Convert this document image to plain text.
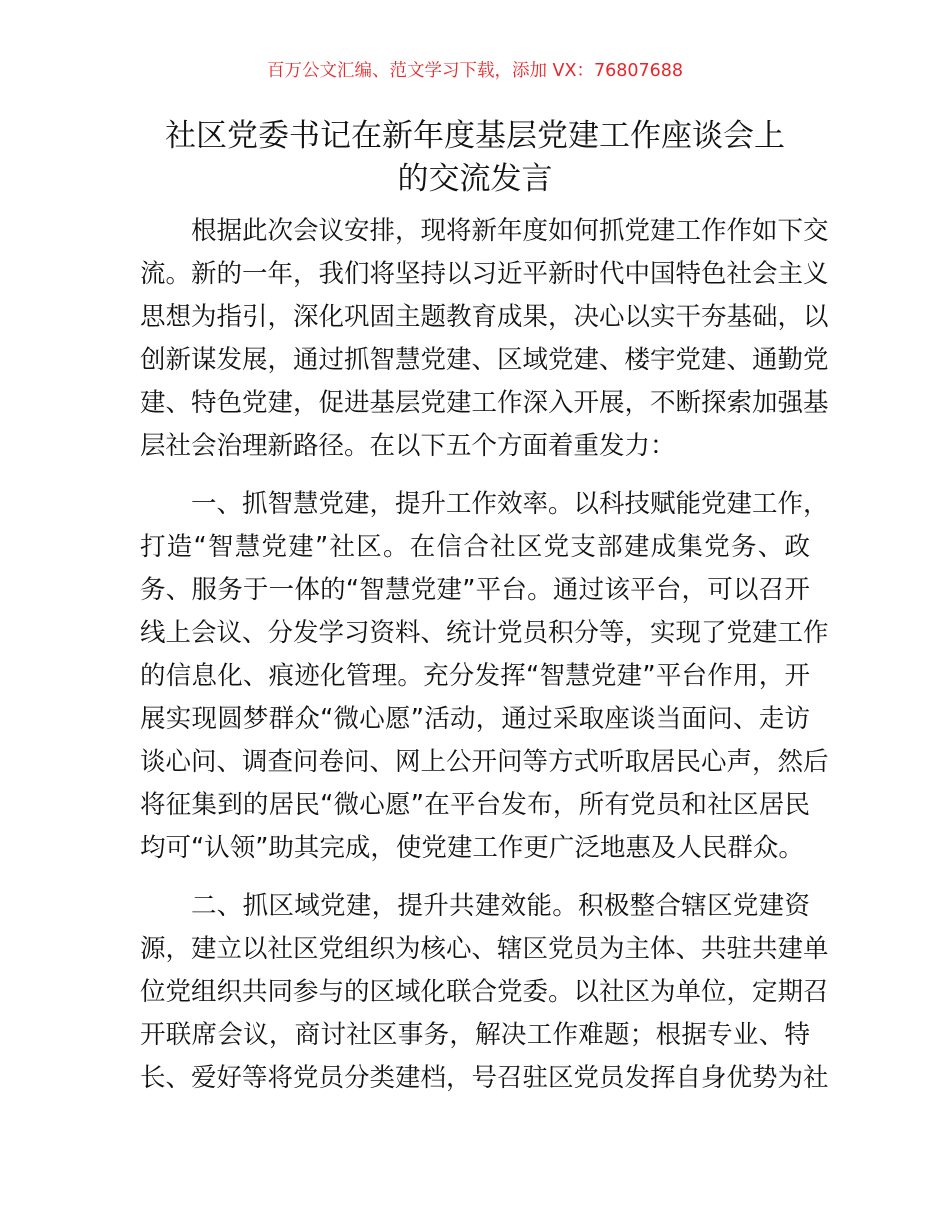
百万公文汇编、范文学习下载，添加 VX：76807688
社区党委书记在新年度基层党建工作座谈会上
的交流发言
根据此次会议安排，现将新年度如何抓党建工作作如下交
流。新的一年，我们将坚持以习近平新时代中国特色社会主义
思想为指引，深化巩固主题教育成果，决心以实干夯基础，以
创新谋发展，通过抓智慧党建、区域党建、楼宇党建、通勤党
建、特色党建，促进基层党建工作深入开展，不断探索加强基
层社会治理新路径。在以下五个方面着重发力：
一、抓智慧党建，提升工作效率。以科技赋能党建工作，
打造“智慧党建”社区。在信合社区党支部建成集党务、政
务、服务于一体的“智慧党建”平台。通过该平台，可以召开
线上会议、分发学习资料、统计党员积分等，实现了党建工作
的信息化、痕迹化管理。充分发挥“智慧党建”平台作用，开
展实现圆梦群众“微心愿”活动，通过采取座谈当面问、走访
谈心问、调查问卷问、网上公开问等方式听取居民心声，然后
将征集到的居民“微心愿”在平台发布，所有党员和社区居民
均可“认领”助其完成，使党建工作更广泛地惠及人民群众。
二、抓区域党建，提升共建效能。积极整合辖区党建资
源，建立以社区党组织为核心、辖区党员为主体、共驻共建单
位党组织共同参与的区域化联合党委。以社区为单位，定期召
开联席会议，商讨社区事务，解决工作难题；根据专业、特
长、爱好等将党员分类建档，号召驻区党员发挥自身优势为社
